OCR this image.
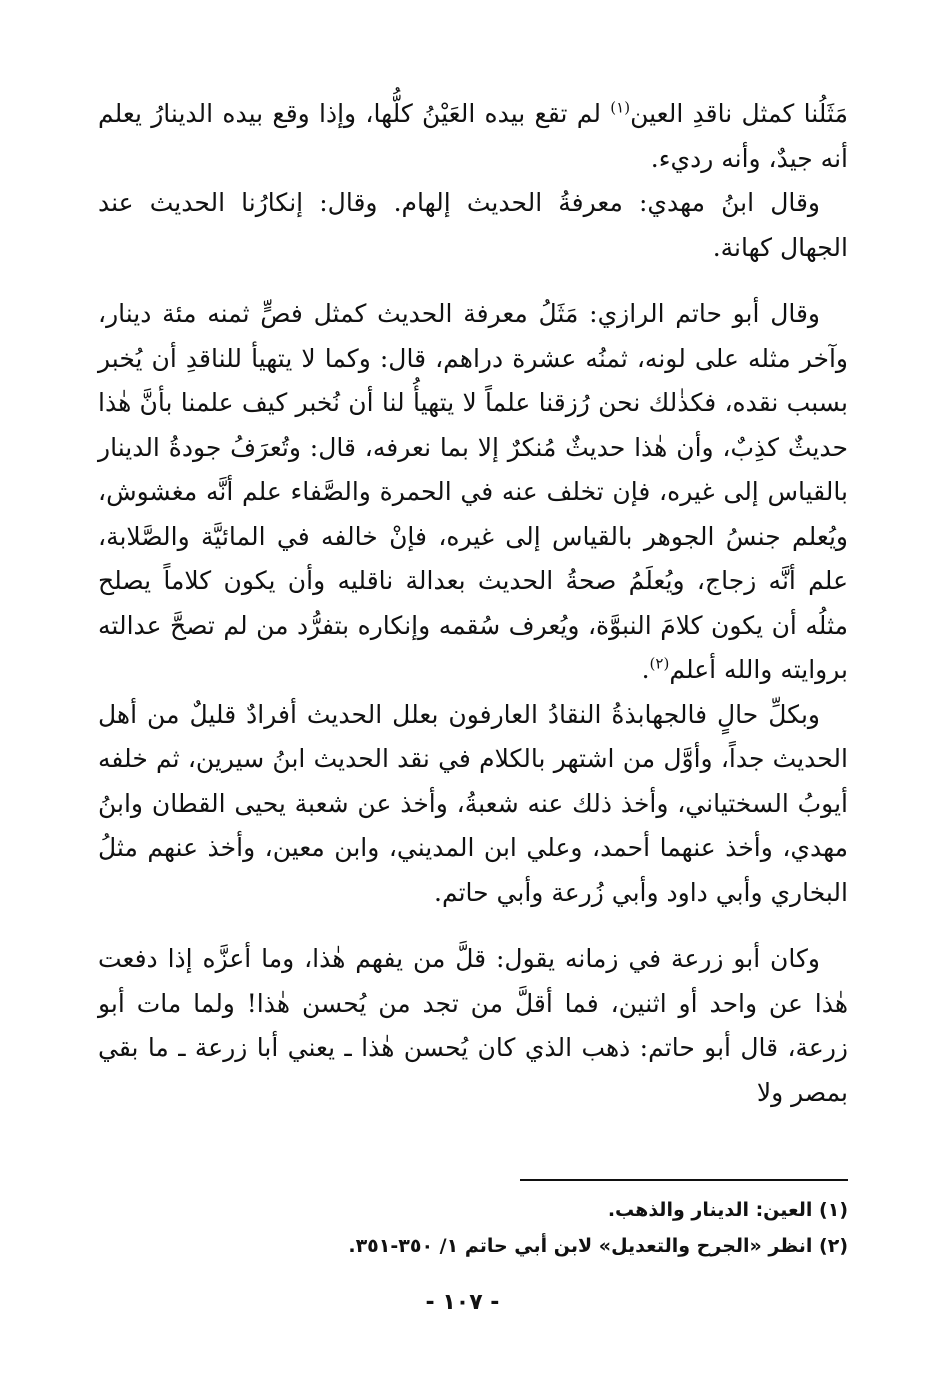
مَثَلُنا كمثل ناقدِ العين$^{(١)}$ لم تقع بيده العَيْنُ كلُّها، وإذا وقع بيده الدينارُ يعلم أنه جيدٌ، وأنه رديء.

وقال ابنُ مهدي: معرفةُ الحديث إلهام. وقال: إنكارُنا الحديث عند الجهال كهانة.

وقال أبو حاتم الرازي: مَثَلُ معرفة الحديث كمثل فصٍّ ثمنه مئة دينار، وآخر مثله على لونه، ثمنُه عشرة دراهم، قال: وكما لا يتهيأ للناقدِ أن يُخبر بسبب نقده، فكذٰلك نحن رُزقنا علماً لا يتهيأُ لنا أن نُخبر كيف علمنا بأنَّ هٰذا حديثٌ كذِبٌ، وأن هٰذا حديثٌ مُنكرٌ إلا بما نعرفه، قال: وتُعرَفُ جودةُ الدينار بالقياس إلى غيره، فإن تخلف عنه في الحمرة والصَّفاء علم أنَّه مغشوش، ويُعلم جنسُ الجوهر بالقياس إلى غيره، فإنْ خالفه في المائيَّة والصَّلابة، علم أنَّه زجاج، ويُعلَمُ صحةُ الحديث بعدالة ناقليه وأن يكون كلاماً يصلح مثلُه أن يكون كلامَ النبوَّة، ويُعرف سُقمه وإنكاره بتفرُّد من لم تصحَّ عدالته بروايته والله أعلم$^{(٢)}$.

وبكلِّ حالٍ فالجهابذةُ النقادُ العارفون بعلل الحديث أفرادٌ قليلٌ من أهل الحديث جداً، وأوَّل من اشتهر بالكلام في نقد الحديث ابنُ سيرين، ثم خلفه أيوبُ السختياني، وأخذ ذلك عنه شعبةُ، وأخذ عن شعبة يحيى القطان وابنُ مهدي، وأخذ عنهما أحمد، وعلي ابن المديني، وابن معين، وأخذ عنهم مثلُ البخاري وأبي داود وأبي زُرعة وأبي حاتم.

وكان أبو زرعة في زمانه يقول: قلَّ من يفهم هٰذا، وما أعزَّه إذا دفعت هٰذا عن واحد أو اثنين، فما أقلَّ من تجد من يُحسن هٰذا! ولما مات أبو زرعة، قال أبو حاتم: ذهب الذي كان يُحسن هٰذا ـ يعني أبا زرعة ـ ما بقي بمصر ولا

(١) العين: الدينار والذهب.

(٢) انظر «الجرح والتعديل» لابن أبي حاتم ١/ ٣٥٠-٣٥١.

- ١٠٧ -
